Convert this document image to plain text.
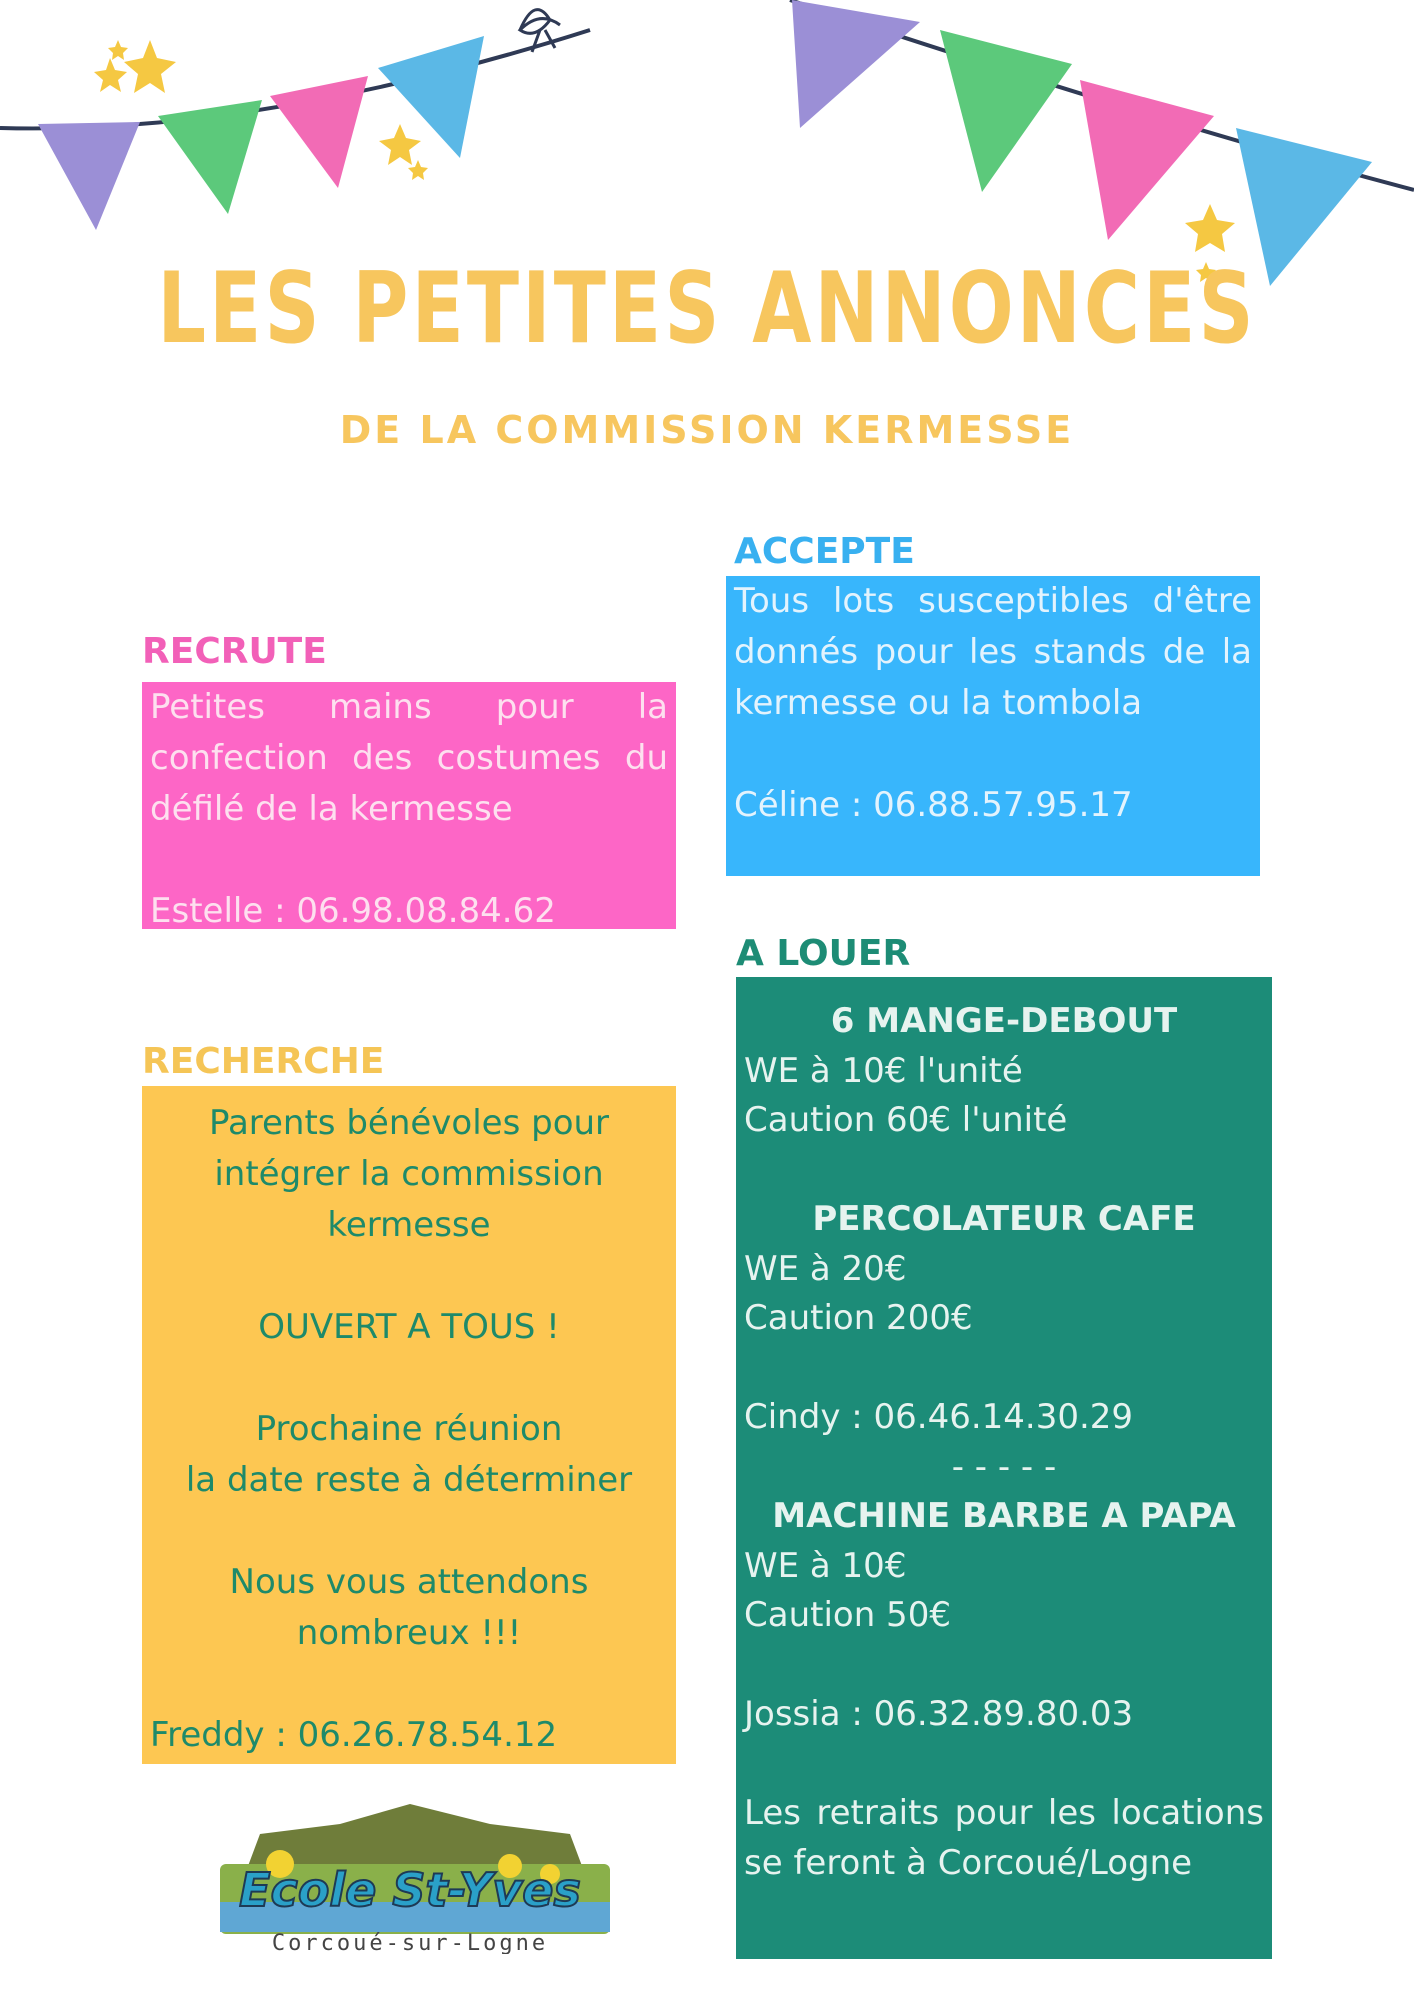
LES PETITES ANNONCES
DE LA COMMISSION KERMESSE
RECRUTE

Petites mains pour la confection des costumes du défilé de la kermesse

Estelle : 06.98.08.84.62

ACCEPTE

Tous lots susceptibles d'être donnés pour les stands de la kermesse ou la tombola

Céline : 06.88.57.95.17

RECHERCHE

Parents bénévoles pour

intégrer la commission

kermesse

OUVERT A TOUS !

Prochaine réunion

la date reste à déterminer

Nous vous attendons

nombreux !!!

Freddy : 06.26.78.54.12

A LOUER

6 MANGE-DEBOUT

WE à 10€ l'unité

Caution 60€ l'unité

PERCOLATEUR CAFE

WE à 20€

Caution 200€

Cindy : 06.46.14.30.29

- - - - -

MACHINE BARBE A PAPA

WE à 10€

Caution 50€

Jossia : 06.32.89.80.03

Les retraits pour les locations se feront à Corcoué/Logne

Ecole St-Yves
Corcoué-sur-Logne
